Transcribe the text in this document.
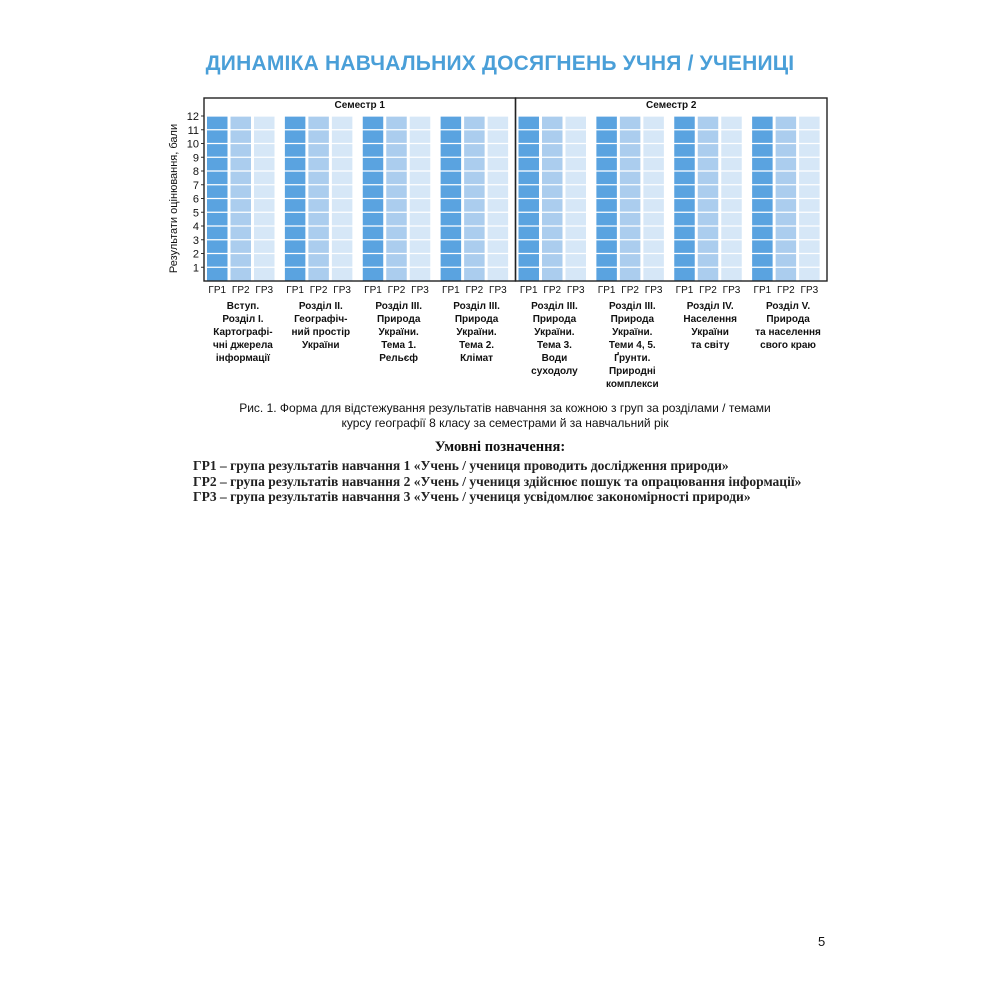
ДИНАМІКА НАВЧАЛЬНИХ ДОСЯГНЕНЬ УЧНЯ / УЧЕНИЦІ
Результати оцінювання, бали 1
2
3
4
5
6
7
8
9
10
11
12
ГР1 ГР2 ГР3
Вступ.
Розділ І.
Картографі-
чні джерела
інформації
ГР1 ГР2 ГР3
Розділ ІІ.
Географіч-
ний простір
України
ГР1 ГР2 ГР3
Розділ ІІІ.
Природа
України.
Тема 1.
Рельєф
ГР1 ГР2 ГР3
Розділ ІІІ.
Природа
України.
Тема 2.
Клімат
ГР1 ГР2 ГР3
Розділ ІІІ.
Природа
України.
Тема 3.
Води
суходолу
ГР1 ГР2 ГР3
Розділ ІІІ.
Природа
України.
Теми 4, 5.
Ґрунти.
Природні
комплекси
ГР1 ГР2 ГР3
Розділ IV.
Населення
України
та світу
ГР1 ГР2 ГР3
Розділ V.
Природа
та населення
свого краю
Семестр 1	Семестр 2
Рис. 1. Форма для відстежування результатів навчання за кожною з груп за розділами / темами
курсу географії 8 класу за семестрами й за навчальний рік
Умовні позначення:

ГР1 – група результатів навчання 1 «Учень / учениця проводить дослідження природи»

ГР2 – група результатів навчання 2 «Учень / учениця здійснює пошук та опрацювання інформації»

ГР3 – група результатів навчання 3 «Учень / учениця усвідомлює закономірності природи»

5
